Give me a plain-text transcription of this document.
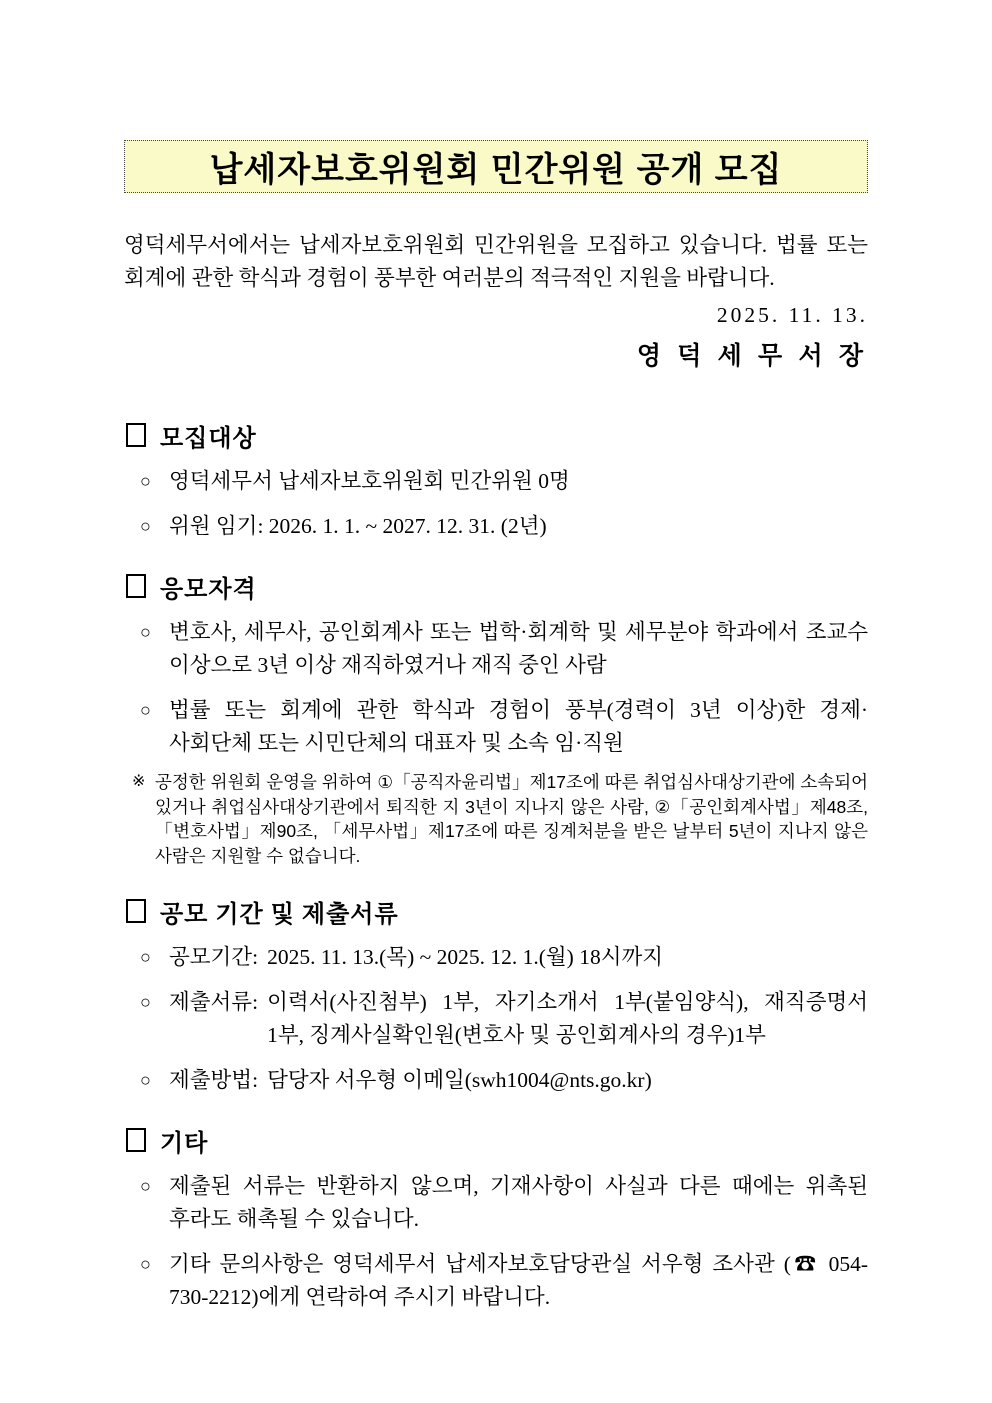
납세자보호위원회 민간위원 공개 모집

영덕세무서에서는 납세자보호위원회 민간위원을 모집하고 있습니다. 법률 또는 회계에 관한 학식과 경험이 풍부한 여러분의 적극적인 지원을 바랍니다.

2025. 11. 13.

영 덕 세 무 서 장

모집대상
○ 영덕세무서 납세자보호위원회 민간위원 0명
○ 위원 임기: 2026. 1. 1. ~ 2027. 12. 31. (2년)
응모자격
○ 변호사, 세무사, 공인회계사 또는 법학·회계학 및 세무분야 학과에서 조교수 이상으로 3년 이상 재직하였거나 재직 중인 사람
○ 법률 또는 회계에 관한 학식과 경험이 풍부(경력이 3년 이상)한 경제·사회단체 또는 시민단체의 대표자 및 소속 임·직원
※ 공정한 위원회 운영을 위하여 ①「공직자윤리법」제17조에 따른 취업심사대상기관에 소속되어 있거나 취업심사대상기관에서 퇴직한 지 3년이 지나지 않은 사람, ②「공인회계사법」제48조, 「변호사법」제90조, 「세무사법」제17조에 따른 징계처분을 받은 날부터 5년이 지나지 않은 사람은 지원할 수 없습니다.
공모 기간 및 제출서류
○ 공모기간: 2025. 11. 13.(목) ~ 2025. 12. 1.(월) 18시까지
○ 제출서류: 이력서(사진첨부) 1부, 자기소개서 1부(붙임양식), 재직증명서 1부, 징계사실확인원(변호사 및 공인회계사의 경우)1부
○ 제출방법: 담당자 서우형 이메일(swh1004@nts.go.kr)
기타
○ 제출된 서류는 반환하지 않으며, 기재사항이 사실과 다른 때에는 위촉된 후라도 해촉될 수 있습니다.
○ 기타 문의사항은 영덕세무서 납세자보호담당관실 서우형 조사관 (☎ 054-730-2212)에게 연락하여 주시기 바랍니다.
